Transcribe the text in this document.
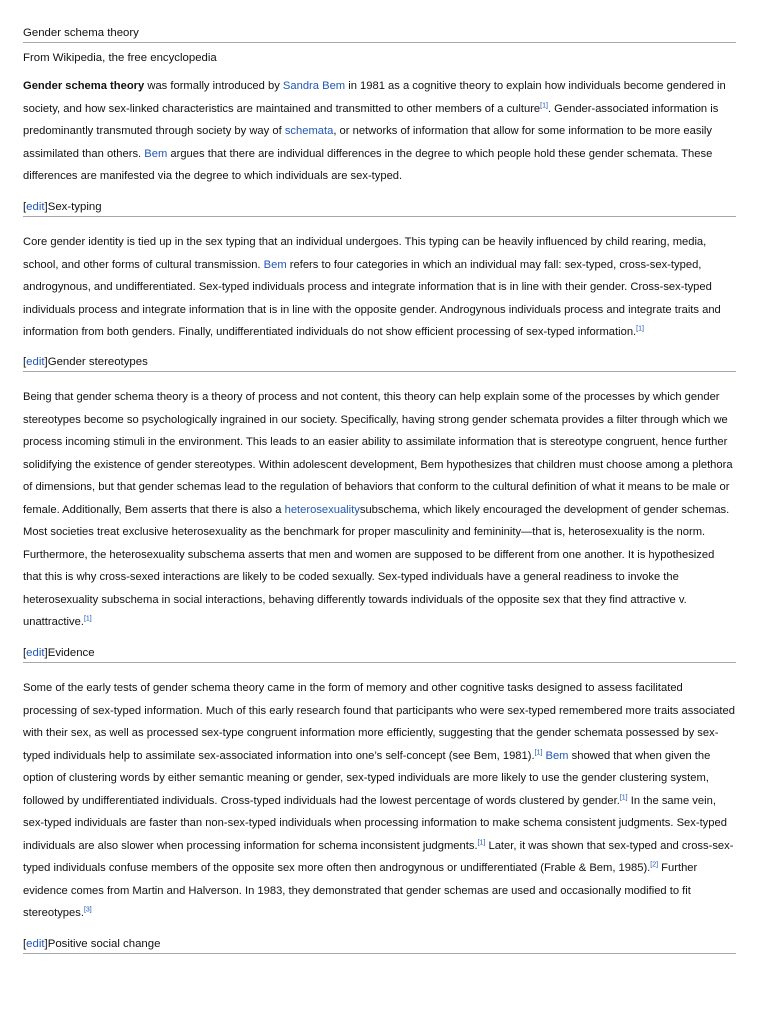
Gender schema theory
From Wikipedia, the free encyclopedia

Gender schema theory was formally introduced by Sandra Bem in 1981 as a cognitive theory to explain how individuals become gendered in society, and how sex-linked characteristics are maintained and transmitted to other members of a culture[1]. Gender-associated information is predominantly transmuted through society by way of schemata, or networks of information that allow for some information to be more easily assimilated than others. Bem argues that there are individual differences in the degree to which people hold these gender schemata. These differences are manifested via the degree to which individuals are sex-typed.

[edit]Sex-typing

Core gender identity is tied up in the sex typing that an individual undergoes. This typing can be heavily influenced by child rearing, media, school, and other forms of cultural transmission. Bem refers to four categories in which an individual may fall: sex-typed, cross-sex-typed, androgynous, and undifferentiated. Sex-typed individuals process and integrate information that is in line with their gender. Cross-sex-typed individuals process and integrate information that is in line with the opposite gender. Androgynous individuals process and integrate traits and information from both genders. Finally, undifferentiated individuals do not show efficient processing of sex-typed information.[1]

[edit]Gender stereotypes

Being that gender schema theory is a theory of process and not content, this theory can help explain some of the processes by which gender stereotypes become so psychologically ingrained in our society. Specifically, having strong gender schemata provides a filter through which we process incoming stimuli in the environment. This leads to an easier ability to assimilate information that is stereotype congruent, hence further solidifying the existence of gender stereotypes. Within adolescent development, Bem hypothesizes that children must choose among a plethora of dimensions, but that gender schemas lead to the regulation of behaviors that conform to the cultural definition of what it means to be male or female. Additionally, Bem asserts that there is also a heterosexualitysubschema, which likely encouraged the development of gender schemas. Most societies treat exclusive heterosexuality as the benchmark for proper masculinity and femininity—that is, heterosexuality is the norm. Furthermore, the heterosexuality subschema asserts that men and women are supposed to be different from one another. It is hypothesized that this is why cross-sexed interactions are likely to be coded sexually. Sex-typed individuals have a general readiness to invoke the heterosexuality subschema in social interactions, behaving differently towards individuals of the opposite sex that they find attractive v. unattractive.[1]

[edit]Evidence

Some of the early tests of gender schema theory came in the form of memory and other cognitive tasks designed to assess facilitated processing of sex-typed information. Much of this early research found that participants who were sex-typed remembered more traits associated with their sex, as well as processed sex-type congruent information more efficiently, suggesting that the gender schemata possessed by sex-typed individuals help to assimilate sex-associated information into one’s self-concept (see Bem, 1981).[1] Bem showed that when given the option of clustering words by either semantic meaning or gender, sex-typed individuals are more likely to use the gender clustering system, followed by undifferentiated individuals. Cross-typed individuals had the lowest percentage of words clustered by gender.[1] In the same vein, sex-typed individuals are faster than non-sex-typed individuals when processing information to make schema consistent judgments. Sex-typed individuals are also slower when processing information for schema inconsistent judgments.[1] Later, it was shown that sex-typed and cross-sex-typed individuals confuse members of the opposite sex more often then androgynous or undifferentiated (Frable & Bem, 1985).[2] Further evidence comes from Martin and Halverson. In 1983, they demonstrated that gender schemas are used and occasionally modified to fit stereotypes.[3]

[edit]Positive social change
